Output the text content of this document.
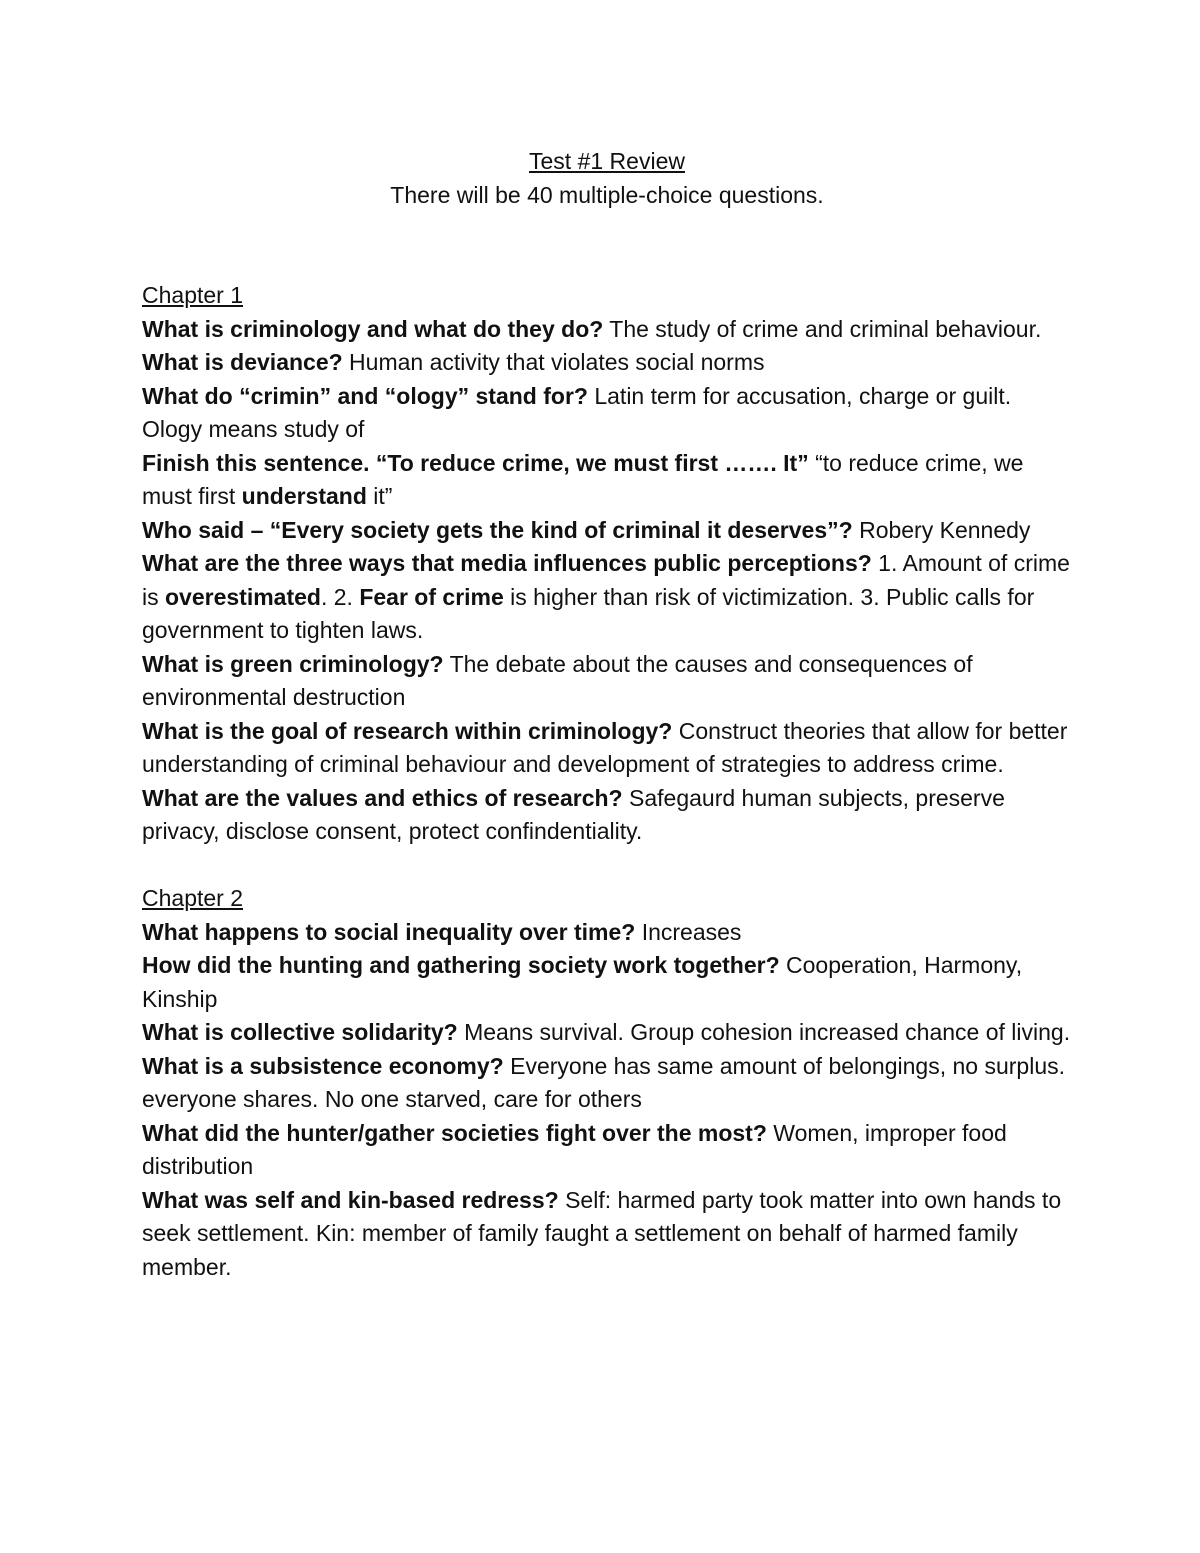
Test #1 Review

There will be 40 multiple-choice questions.

Chapter 1

What is criminology and what do they do? The study of crime and criminal behaviour.

What is deviance? Human activity that violates social norms

What do “crimin” and “ology” stand for? Latin term for accusation, charge or guilt. Ology means study of

Finish this sentence. “To reduce crime, we must first ……. It” “to reduce crime, we must first understand it”

Who said – “Every society gets the kind of criminal it deserves”? Robery Kennedy

What are the three ways that media influences public perceptions? 1. Amount of crime is overestimated. 2. Fear of crime is higher than risk of victimization. 3. Public calls for government to tighten laws.

What is green criminology? The debate about the causes and consequences of environmental destruction

What is the goal of research within criminology? Construct theories that allow for better understanding of criminal behaviour and development of strategies to address crime.

What are the values and ethics of research? Safegaurd human subjects, preserve privacy, disclose consent, protect confindentiality.

Chapter 2

What happens to social inequality over time? Increases

How did the hunting and gathering society work together? Cooperation, Harmony, Kinship

What is collective solidarity? Means survival. Group cohesion increased chance of living.

What is a subsistence economy? Everyone has same amount of belongings, no surplus. everyone shares. No one starved, care for others

What did the hunter/gather societies fight over the most? Women, improper food distribution

What was self and kin-based redress? Self: harmed party took matter into own hands to seek settlement. Kin: member of family faught a settlement on behalf of harmed family member.
